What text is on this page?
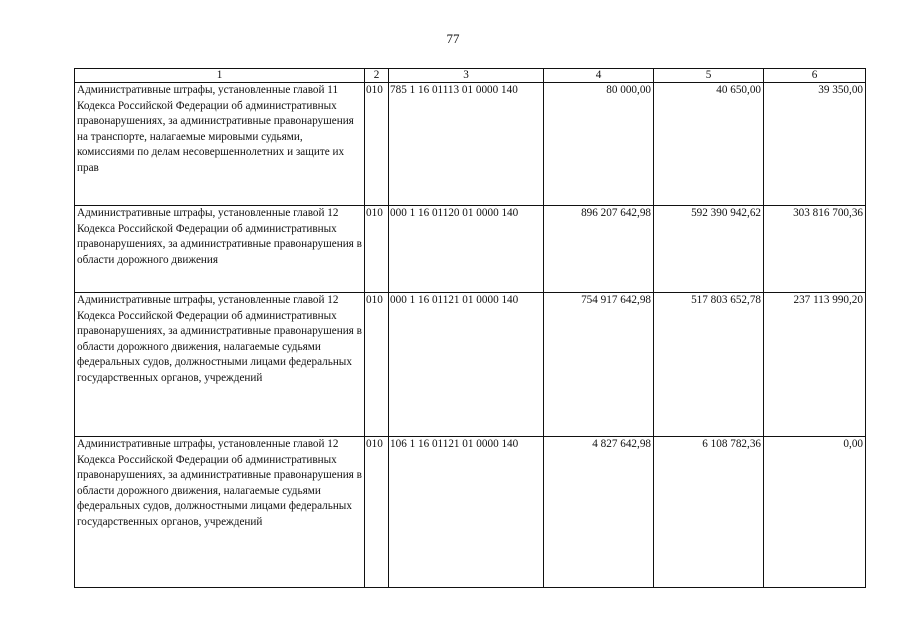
77
1	2	3	4	5	6
Административные штрафы, установленные главой 11 Кодекса Российской Федерации об административных правонарушениях, за административные правонарушения на транспорте, налагаемые мировыми судьями, комиссиями по делам несовершеннолетних и защите их прав	010	785 1 16 01113 01 0000 140	80 000,00	40 650,00	39 350,00
Административные штрафы, установленные главой 12 Кодекса Российской Федерации об административных правонарушениях, за административные правонарушения в области дорожного движения	010	000 1 16 01120 01 0000 140	896 207 642,98	592 390 942,62	303 816 700,36
Административные штрафы, установленные главой 12 Кодекса Российской Федерации об административных правонарушениях, за административные правонарушения в области дорожного движения, налагаемые судьями федеральных судов, должностными лицами федеральных государственных органов, учреждений	010	000 1 16 01121 01 0000 140	754 917 642,98	517 803 652,78	237 113 990,20
Административные штрафы, установленные главой 12 Кодекса Российской Федерации об административных правонарушениях, за административные правонарушения в области дорожного движения, налагаемые судьями федеральных судов, должностными лицами федеральных государственных органов, учреждений	010	106 1 16 01121 01 0000 140	4 827 642,98	6 108 782,36	0,00
